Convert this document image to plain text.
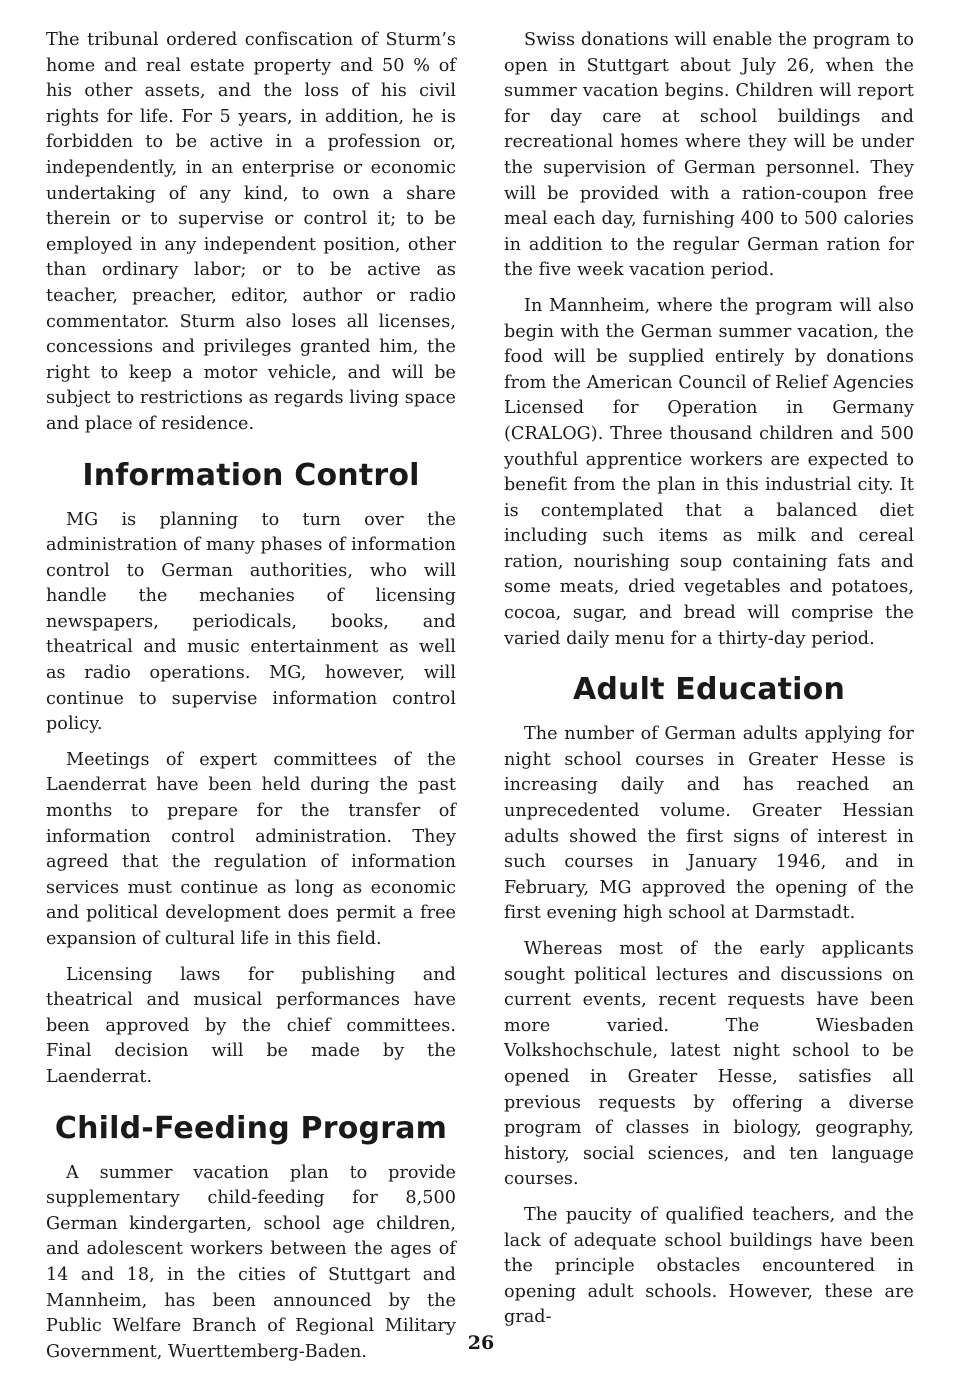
The tribunal ordered confiscation of Sturm’s home and real estate property and 50 % of his other assets, and the loss of his civil rights for life. For 5 years, in addition, he is forbidden to be active in a profession or, independently, in an enterprise or economic undertaking of any kind, to own a share therein or to supervise or control it; to be employed in any independent position, other than ordinary labor; or to be active as teacher, preacher, editor, author or radio commentator. Sturm also loses all licenses, concessions and privileges granted him, the right to keep a motor vehicle, and will be subject to restrictions as regards living space and place of residence.

Information Control

MG is planning to turn over the administration of many phases of information control to German authorities, who will handle the mechanies of licensing newspapers, periodicals, books, and theatrical and music entertainment as well as radio operations. MG, however, will continue to supervise information control policy.

Meetings of expert committees of the Laenderrat have been held during the past months to prepare for the transfer of information control administration. They agreed that the regulation of information services must continue as long as economic and political development does permit a free expansion of cultural life in this field.

Licensing laws for publishing and theatrical and musical performances have been approved by the chief committees. Final decision will be made by the Laenderrat.

Child-Feeding Program

A summer vacation plan to provide supplementary child-feeding for 8,500 German kindergarten, school age children, and adolescent workers between the ages of 14 and 18, in the cities of Stuttgart and Mannheim, has been announced by the Public Welfare Branch of Regional Military Government, Wuerttemberg-Baden.

Swiss donations will enable the program to open in Stuttgart about July 26, when the summer vacation begins. Children will report for day care at school buildings and recreational homes where they will be under the supervision of German personnel. They will be provided with a ration-coupon free meal each day, furnishing 400 to 500 calories in addition to the regular German ration for the five week vacation period.

In Mannheim, where the program will also begin with the German summer vacation, the food will be supplied entirely by donations from the American Council of Relief Agencies Licensed for Operation in Germany (CRALOG). Three thousand children and 500 youthful apprentice workers are expected to benefit from the plan in this industrial city. It is contemplated that a balanced diet including such items as milk and cereal ration, nourishing soup containing fats and some meats, dried vegetables and potatoes, cocoa, sugar, and bread will comprise the varied daily menu for a thirty-day period.

Adult Education

The number of German adults applying for night school courses in Greater Hesse is increasing daily and has reached an unprecedented volume. Greater Hessian adults showed the first signs of interest in such courses in January 1946, and in February, MG approved the opening of the first evening high school at Darmstadt.

Whereas most of the early applicants sought political lectures and discussions on current events, recent requests have been more varied. The Wiesbaden Volkshochschule, latest night school to be opened in Greater Hesse, satisfies all previous requests by offering a diverse program of classes in biology, geography, history, social sciences, and ten language courses.

The paucity of qualified teachers, and the lack of adequate school buildings have been the principle obstacles encountered in opening adult schools. However, these are grad-

26
